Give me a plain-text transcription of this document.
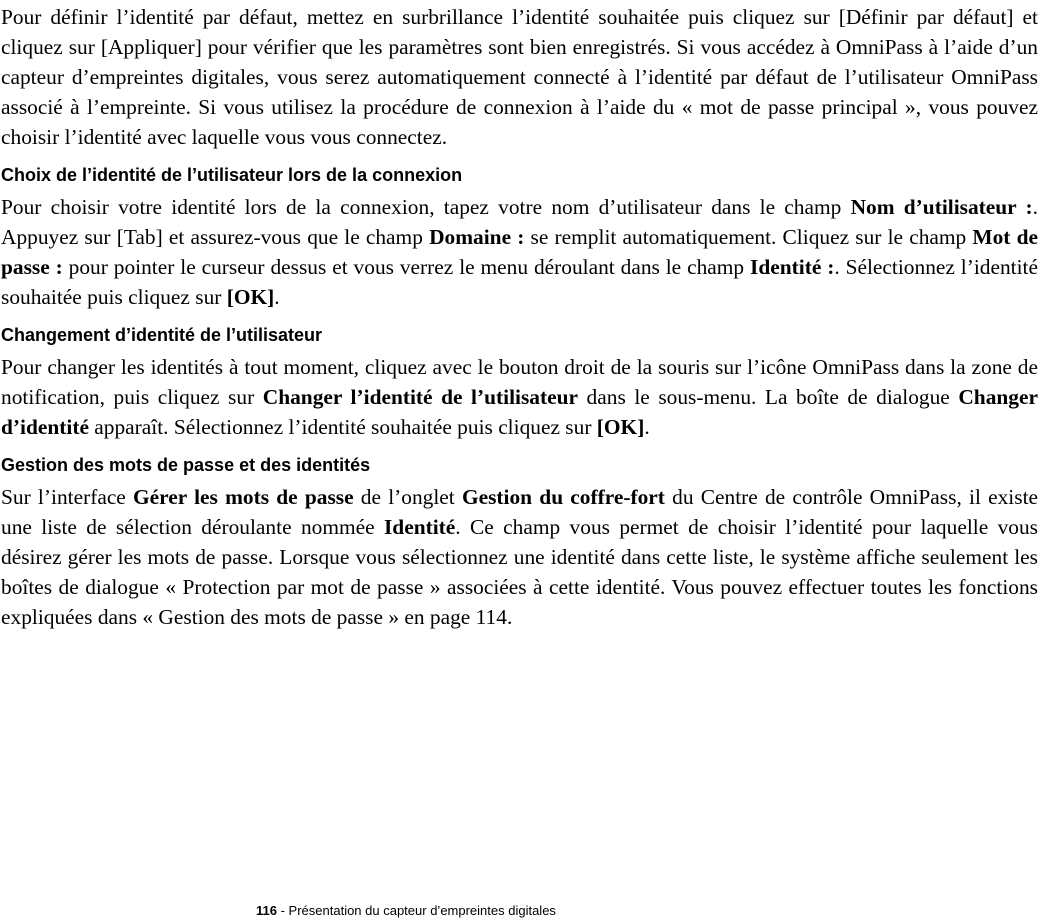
Pour définir l’identité par défaut, mettez en surbrillance l’identité souhaitée puis cliquez sur [Définir par défaut] et cliquez sur [Appliquer] pour vérifier que les paramètres sont bien enregistrés. Si vous accédez à OmniPass à l’aide d’un capteur d’empreintes digitales, vous serez automatiquement connecté à l’identité par défaut de l’utilisateur OmniPass associé à l’empreinte. Si vous utilisez la procédure de connexion à l’aide du « mot de passe principal », vous pouvez choisir l’identité avec laquelle vous vous connectez.

Choix de l’identité de l’utilisateur lors de la connexion

Pour choisir votre identité lors de la connexion, tapez votre nom d’utilisateur dans le champ Nom d’utilisateur :. Appuyez sur [Tab] et assurez-vous que le champ Domaine : se remplit automatiquement. Cliquez sur le champ Mot de passe : pour pointer le curseur dessus et vous verrez le menu déroulant dans le champ Identité :. Sélectionnez l’identité souhaitée puis cliquez sur [OK].

Changement d’identité de l’utilisateur

Pour changer les identités à tout moment, cliquez avec le bouton droit de la souris sur l’icône OmniPass dans la zone de notification, puis cliquez sur Changer l’identité de l’utilisateur dans le sous-menu. La boîte de dialogue Changer d’identité apparaît. Sélectionnez l’identité souhaitée puis cliquez sur [OK].

Gestion des mots de passe et des identités

Sur l’interface Gérer les mots de passe de l’onglet Gestion du coffre-fort du Centre de contrôle OmniPass, il existe une liste de sélection déroulante nommée Identité. Ce champ vous permet de choisir l’identité pour laquelle vous désirez gérer les mots de passe. Lorsque vous sélectionnez une identité dans cette liste, le système affiche seulement les boîtes de dialogue « Protection par mot de passe » associées à cette identité. Vous pouvez effectuer toutes les fonctions expliquées dans « Gestion des mots de passe » en page 114.

116 - Présentation du capteur d’empreintes digitales
